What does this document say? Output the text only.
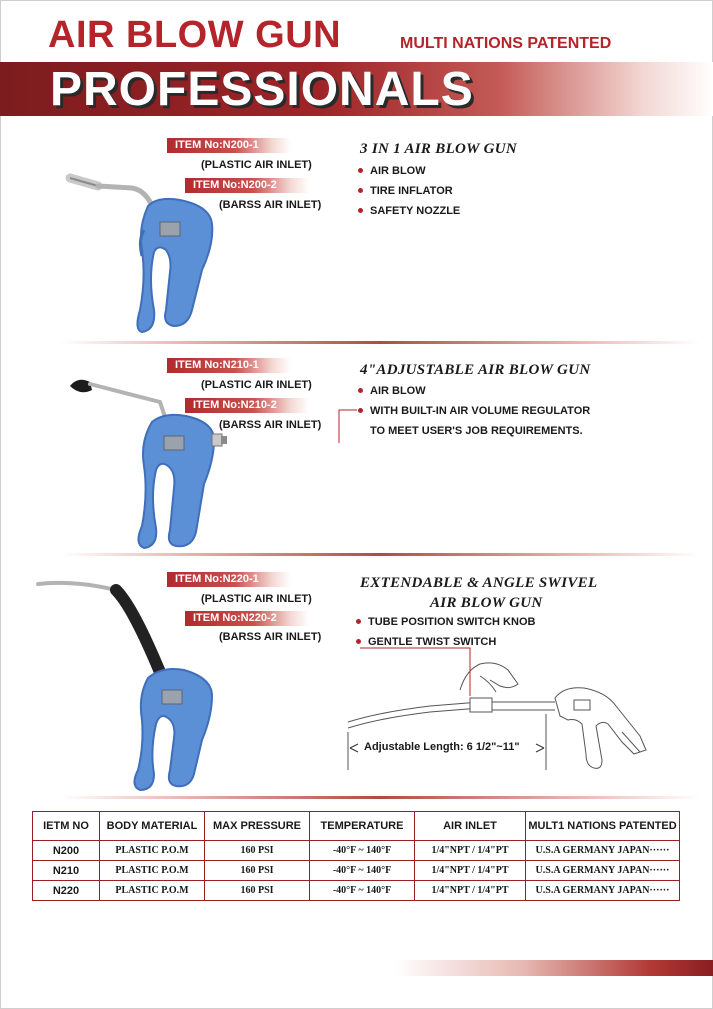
AIR BLOW GUN	MULTI NATIONS PATENTED
PROFESSIONALS
ITEM No:N200-1
(PLASTIC AIR INLET)
ITEM No:N200-2
(BARSS AIR INLET)
3 IN 1 AIR BLOW GUN
AIR BLOW
TIRE INFLATOR
SAFETY NOZZLE
ITEM No:N210-1
(PLASTIC AIR INLET)
ITEM No:N210-2
(BARSS AIR INLET)
4"ADJUSTABLE AIR BLOW GUN
AIR BLOW
WITH BUILT-IN AIR VOLUME REGULATOR
TO MEET USER'S JOB REQUIREMENTS.
ITEM No:N220-1
(PLASTIC AIR INLET)
ITEM No:N220-2
(BARSS AIR INLET)
EXTENDABLE & ANGLE SWIVEL
AIR BLOW GUN
TUBE POSITION SWITCH KNOB
GENTLE TWIST SWITCH
Adjustable Length: 6 1/2"~11"
IETM NO	BODY MATERIAL	MAX PRESSURE	TEMPERATURE	AIR INLET	MULT1 NATIONS PATENTED
N200	PLASTIC P.O.M	160 PSI	-40°F ~ 140°F	1/4"NPT / 1/4"PT	U.S.A GERMANY JAPAN······
N210	PLASTIC P.O.M	160 PSI	-40°F ~ 140°F	1/4"NPT / 1/4"PT	U.S.A GERMANY JAPAN······
N220	PLASTIC P.O.M	160 PSI	-40°F ~ 140°F	1/4"NPT / 1/4"PT	U.S.A GERMANY JAPAN······
